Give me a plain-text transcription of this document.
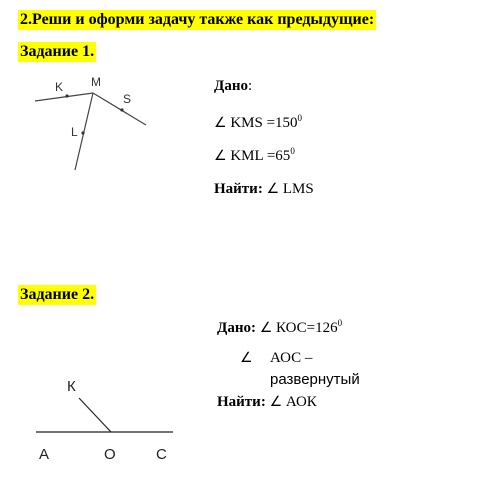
2.Реши и оформи задачу также как предыдущие:
Задание 1.
K M
S
L
Дано:
∠ KMS $=150^0$
∠ KML $=65^0$
Найти: ∠ LMS
Задание 2.
Дано: ∠ $КОС=126^0$
∠ АОС –
развернутый
Найти: ∠ АОК
К
А	О	С
